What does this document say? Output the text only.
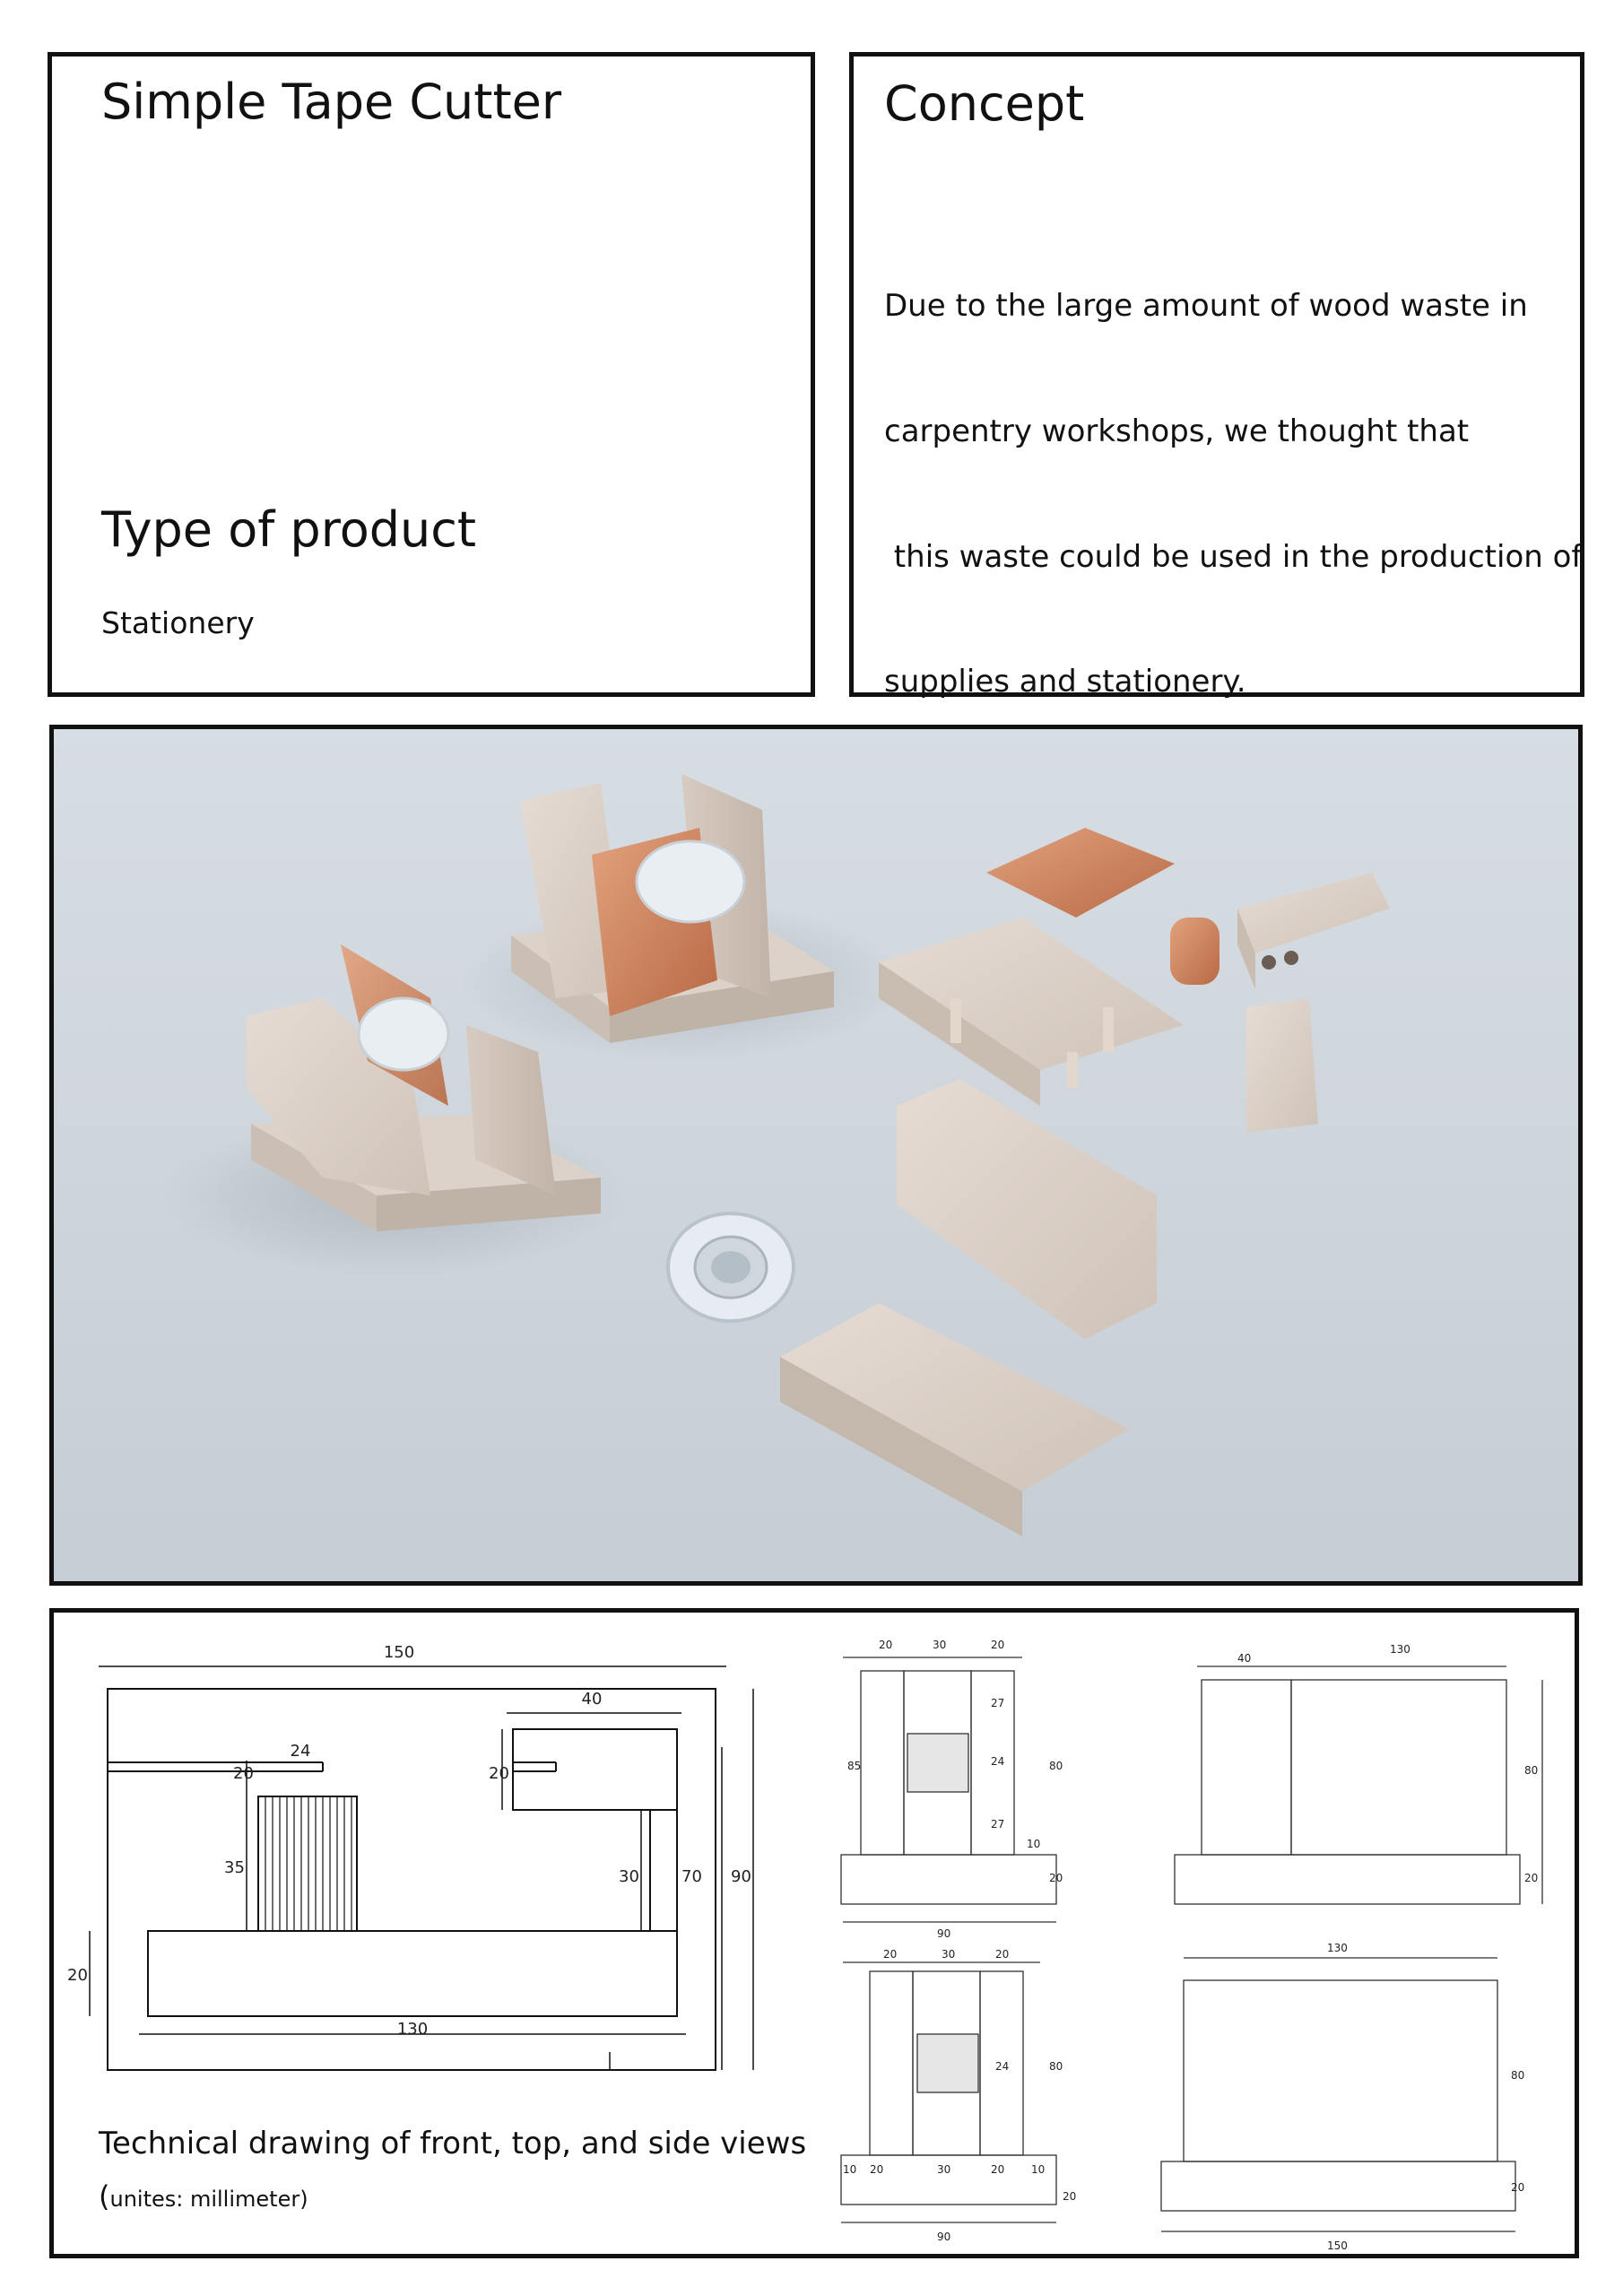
Simple Tape Cutter
Type of product
Stationery
Concept

Due to the large amount of wood waste in

carpentry workshops, we thought that

this waste could be used in the production of

supplies and stationery.

150
40
24
130
20	20
35	30	70 90
20
20	30	20
27
24
27
85	80
20
10
90
20	30	20
24	80
10 20	30	20 10
90
20
40
130
80
20
130
80
20
150
Technical drawing of front, top, and side views
(unites: millimeter)
